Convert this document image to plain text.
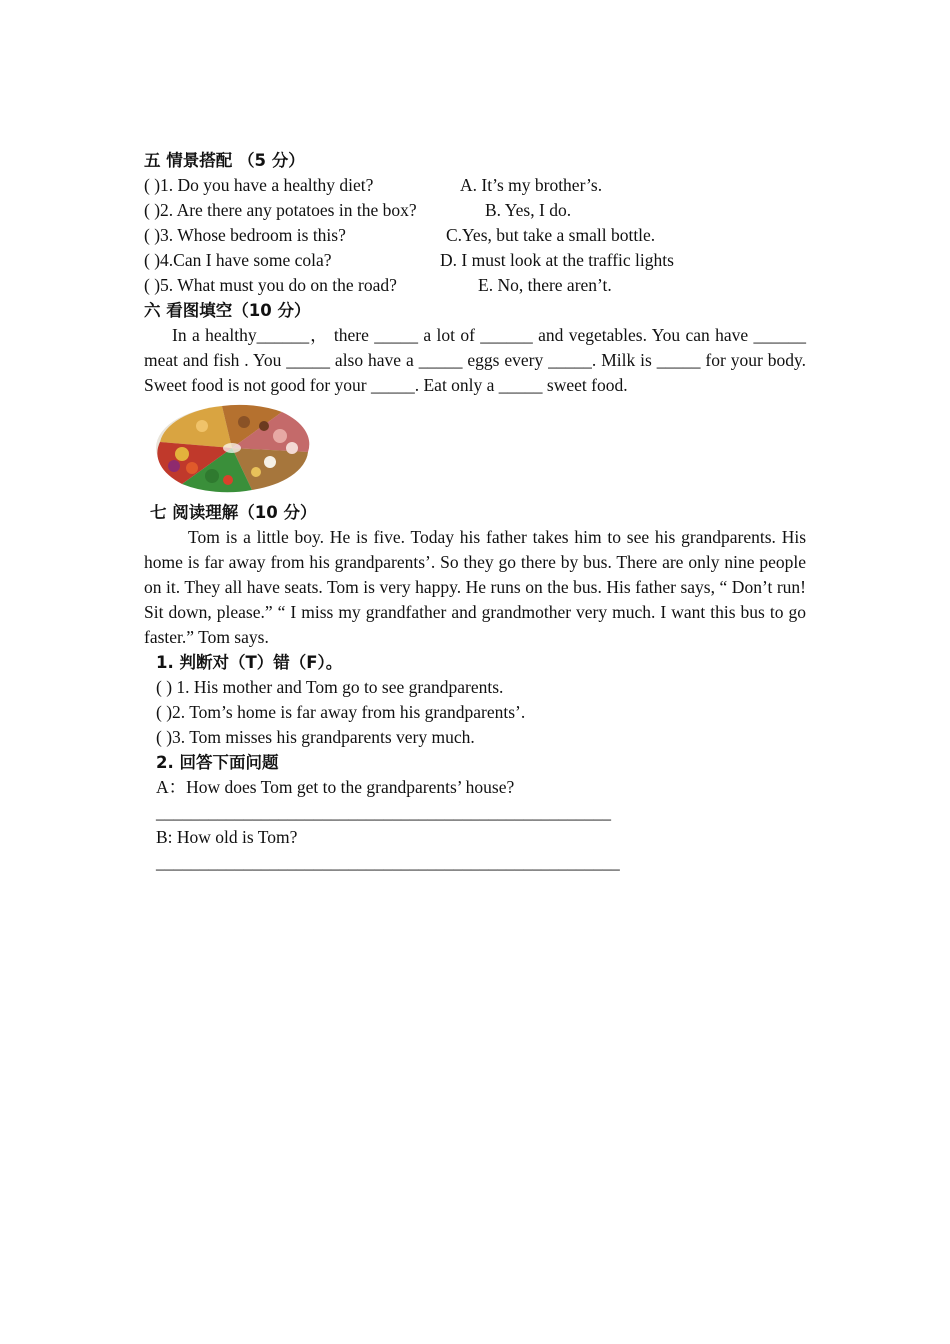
五 情景搭配 （5 分）
( )1. Do you have a healthy diet?	A. It’s my brother’s.
( )2. Are there any potatoes in the box?	B. Yes, I do.
( )3. Whose bedroom is this?	C.Yes, but take a small bottle.
( )4.Can I have some cola?	D. I must look at the traffic lights
( )5. What must you do on the road?	E. No, there aren’t.
六 看图填空（10 分）
In a healthy______， there _____ a lot of ______ and vegetables. You can have ______ meat and fish . You _____ also have a _____ eggs every _____. Milk is _____ for your body. Sweet food is not good for your _____. Eat only a _____ sweet food.
七 阅读理解（10 分）
Tom is a little boy. He is five. Today his father takes him to see his grandparents. His home is far away from his grandparents’. So they go there by bus. There are only nine people on it. They all have seats. Tom is very happy. He runs on the bus. His father says, “ Don’t run! Sit down, please.” “ I miss my grandfather and grandmother very much. I want this bus to go faster.” Tom says.
1. 判断对（T）错（F）。
( ) 1. His mother and Tom go to see grandparents.
( )2. Tom’s home is far away from his grandparents’.
( )3. Tom misses his grandparents very much.
2. 回答下面问题
A：How does Tom get to the grandparents’ house?
____________________________________________________
B: How old is Tom?
_____________________________________________________
